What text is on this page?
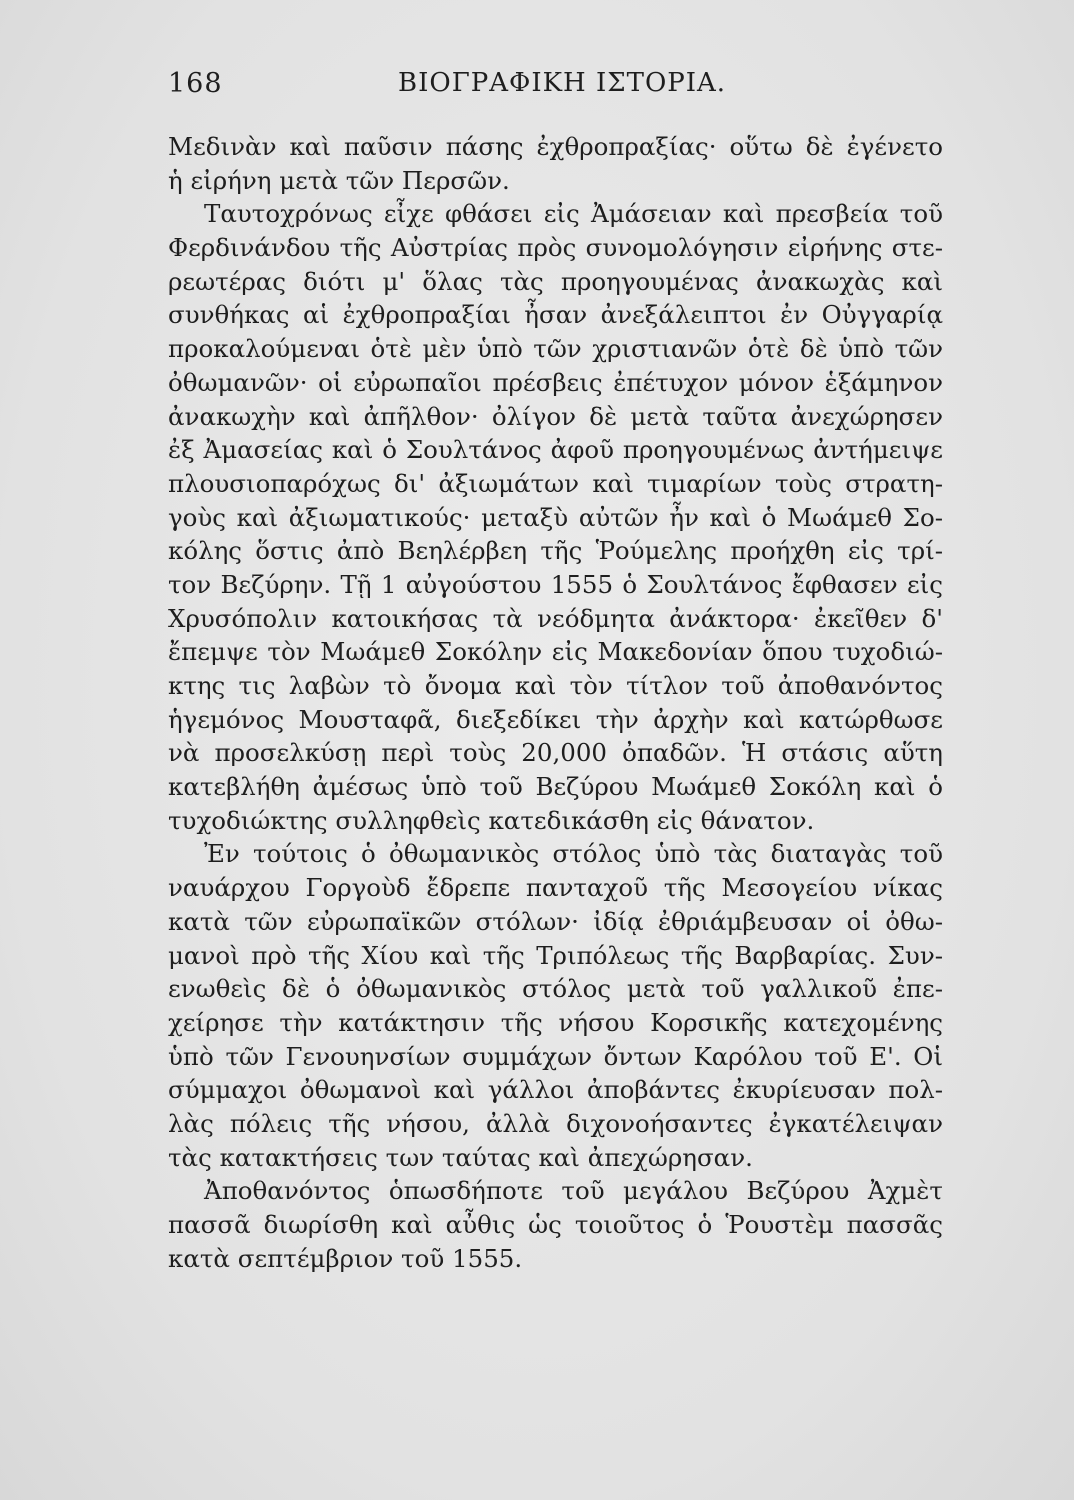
168	ΒΙΟΓΡΑΦΙΚΗ ΙΣΤΟΡΙΑ.
Μεδινὰν καὶ παῦσιν πάσης ἐχθροπραξίας· οὕτω δὲ ἐγένετο
ἡ εἰρήνη μετὰ τῶν Περσῶν.
Ταυτοχρόνως εἶχε φθάσει εἰς Ἀμάσειαν καὶ πρεσβεία τοῦ
Φερδινάνδου τῆς Αὐστρίας πρὸς συνομολόγησιν εἰρήνης στε-
ρεωτέρας διότι μ' ὅλας τὰς προηγουμένας ἀνακωχὰς καὶ
συνθήκας αἱ ἐχθροπραξίαι ἦσαν ἀνεξάλειπτοι ἐν Οὐγγαρίᾳ
προκαλούμεναι ὁτὲ μὲν ὑπὸ τῶν χριστιανῶν ὁτὲ δὲ ὑπὸ τῶν
ὀθωμανῶν· οἱ εὐρωπαῖοι πρέσβεις ἐπέτυχον μόνον ἑξάμηνον
ἀνακωχὴν καὶ ἀπῆλθον· ὀλίγον δὲ μετὰ ταῦτα ἀνεχώρησεν
ἐξ Ἀμασείας καὶ ὁ Σουλτάνος ἀφοῦ προηγουμένως ἀντήμειψε
πλουσιοπαρόχως δι' ἀξιωμάτων καὶ τιμαρίων τοὺς στρατη-
γοὺς καὶ ἀξιωματικούς· μεταξὺ αὐτῶν ἦν καὶ ὁ Μωάμεθ Σο-
κόλης ὅστις ἀπὸ Βεηλέρβεη τῆς Ῥούμελης προήχθη εἰς τρί-
τον Βεζύρην. Τῇ 1 αὐγούστου 1555 ὁ Σουλτάνος ἔφθασεν εἰς
Χρυσόπολιν κατοικήσας τὰ νεόδμητα ἀνάκτορα· ἐκεῖθεν δ'
ἔπεμψε τὸν Μωάμεθ Σοκόλην εἰς Μακεδονίαν ὅπου τυχοδιώ-
κτης τις λαβὼν τὸ ὄνομα καὶ τὸν τίτλον τοῦ ἀποθανόντος
ἡγεμόνος Μουσταφᾶ, διεξεδίκει τὴν ἀρχὴν καὶ κατώρθωσε
νὰ προσελκύσῃ περὶ τοὺς 20,000 ὀπαδῶν. Ἡ στάσις αὕτη
κατεβλήθη ἀμέσως ὑπὸ τοῦ Βεζύρου Μωάμεθ Σοκόλη καὶ ὁ
τυχοδιώκτης συλληφθεὶς κατεδικάσθη εἰς θάνατον.
Ἐν τούτοις ὁ ὀθωμανικὸς στόλος ὑπὸ τὰς διαταγὰς τοῦ
ναυάρχου Γοργοὺδ ἔδρεπε πανταχοῦ τῆς Μεσογείου νίκας
κατὰ τῶν εὐρωπαϊκῶν στόλων· ἰδίᾳ ἐθριάμβευσαν οἱ ὀθω-
μανοὶ πρὸ τῆς Χίου καὶ τῆς Τριπόλεως τῆς Βαρβαρίας. Συν-
ενωθεὶς δὲ ὁ ὀθωμανικὸς στόλος μετὰ τοῦ γαλλικοῦ ἐπε-
χείρησε τὴν κατάκτησιν τῆς νήσου Κορσικῆς κατεχομένης
ὑπὸ τῶν Γενουηνσίων συμμάχων ὄντων Καρόλου τοῦ Ε'. Οἱ
σύμμαχοι ὀθωμανοὶ καὶ γάλλοι ἀποβάντες ἐκυρίευσαν πολ-
λὰς πόλεις τῆς νήσου, ἀλλὰ διχονοήσαντες ἐγκατέλειψαν
τὰς κατακτήσεις των ταύτας καὶ ἀπεχώρησαν.
Ἀποθανόντος ὁπωσδήποτε τοῦ μεγάλου Βεζύρου Ἀχμὲτ
πασσᾶ διωρίσθη καὶ αὖθις ὡς τοιοῦτος ὁ Ῥουστὲμ πασσᾶς
κατὰ σεπτέμβριον τοῦ 1555.
